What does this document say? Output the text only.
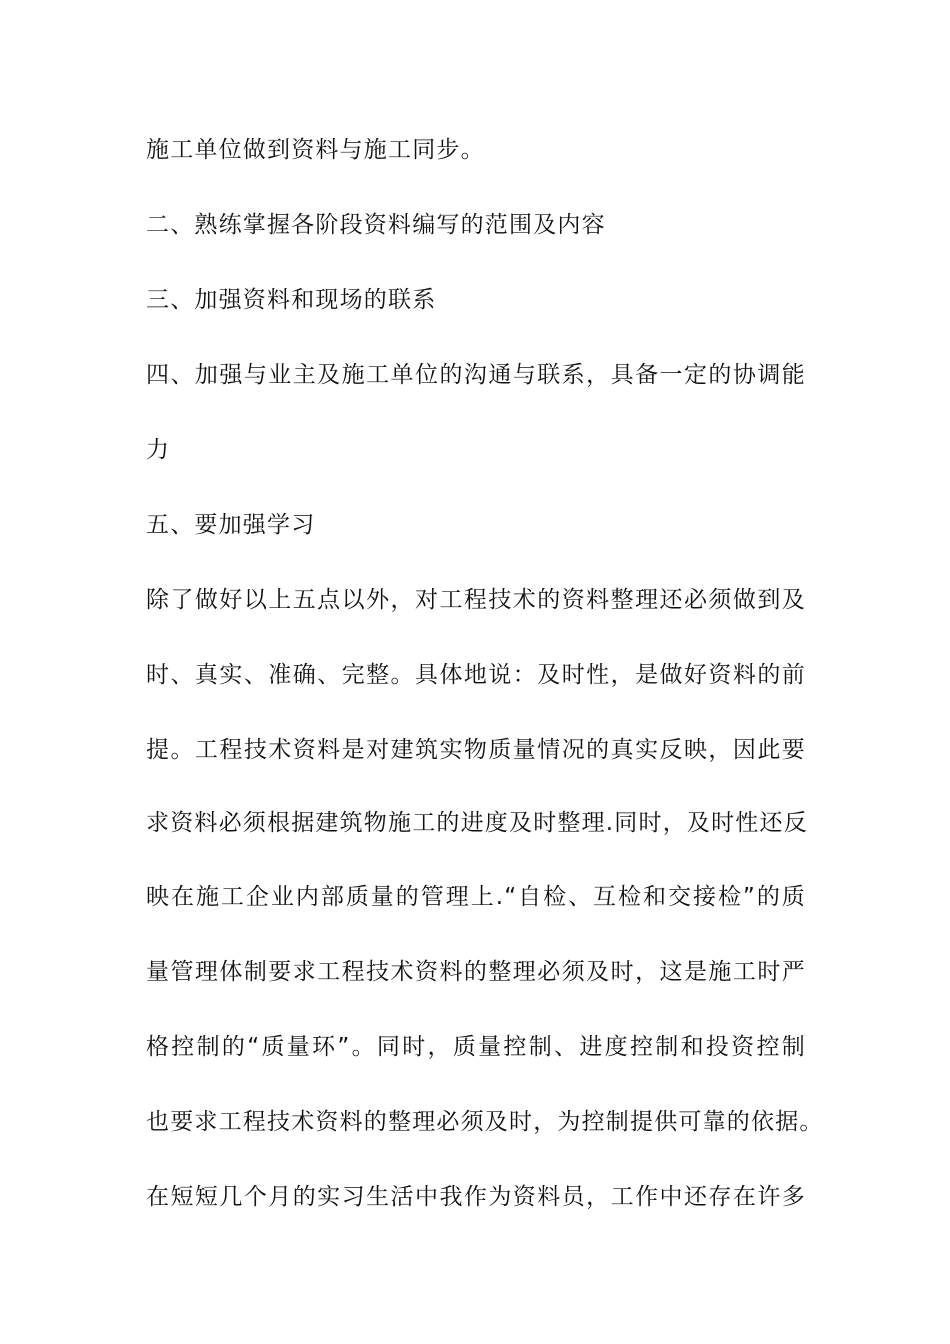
施工单位做到资料与施工同步。
二、熟练掌握各阶段资料编写的范围及内容
三、加强资料和现场的联系
四、加强与业主及施工单位的沟通与联系，具备一定的协调能
力
五、要加强学习
除了做好以上五点以外，对工程技术的资料整理还必须做到及
时、真实、准确、完整。具体地说：及时性，是做好资料的前
提。工程技术资料是对建筑实物质量情况的真实反映，因此要
求资料必须根据建筑物施工的进度及时整理.同时，及时性还反
映在施工企业内部质量的管理上.“自检、互检和交接检”的质
量管理体制要求工程技术资料的整理必须及时，这是施工时严
格控制的“质量环”。同时，质量控制、进度控制和投资控制
也要求工程技术资料的整理必须及时，为控制提供可靠的依据。
在短短几个月的实习生活中我作为资料员，工作中还存在许多
